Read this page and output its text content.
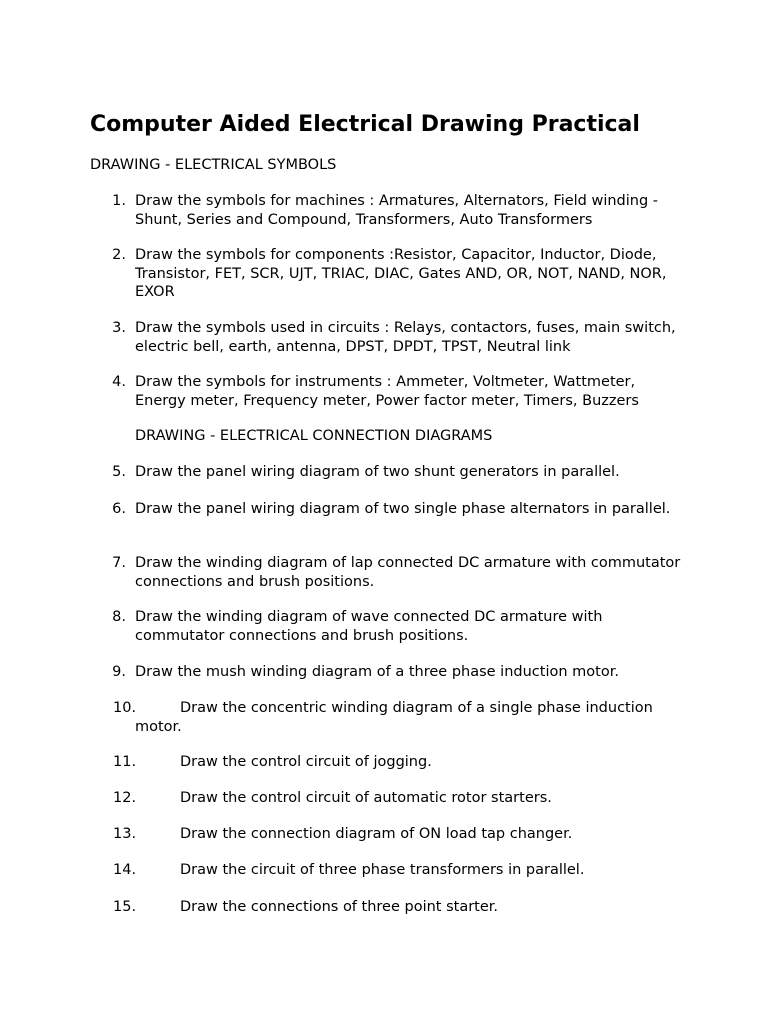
Computer Aided Electrical Drawing Practical
DRAWING - ELECTRICAL SYMBOLS
1. Draw the symbols for machines : Armatures, Alternators, Field winding - Shunt, Series and Compound, Transformers, Auto Transformers
2. Draw the symbols for components :Resistor, Capacitor, Inductor, Diode, Transistor, FET, SCR, UJT, TRIAC, DIAC, Gates AND, OR, NOT, NAND, NOR, EXOR
3. Draw the symbols used in circuits : Relays, contactors, fuses, main switch, electric bell, earth, antenna, DPST, DPDT, TPST, Neutral link
4. Draw the symbols for instruments : Ammeter, Voltmeter, Wattmeter, Energy meter, Frequency meter, Power factor meter, Timers, Buzzers
DRAWING - ELECTRICAL CONNECTION DIAGRAMS
5. Draw the panel wiring diagram of two shunt generators in parallel.
6. Draw the panel wiring diagram of two single phase alternators in parallel.
7. Draw the winding diagram of lap connected DC armature with commutator connections and brush positions.
8. Draw the winding diagram of wave connected DC armature with commutator connections and brush positions.
9. Draw the mush winding diagram of a three phase induction motor.
10.	Draw the concentric winding diagram of a single phase induction motor.
11.	Draw the control circuit of jogging.
12.	Draw the control circuit of automatic rotor starters.
13.	Draw the connection diagram of ON load tap changer.
14.	Draw the circuit of three phase transformers in parallel.
15.	Draw the connections of three point starter.
